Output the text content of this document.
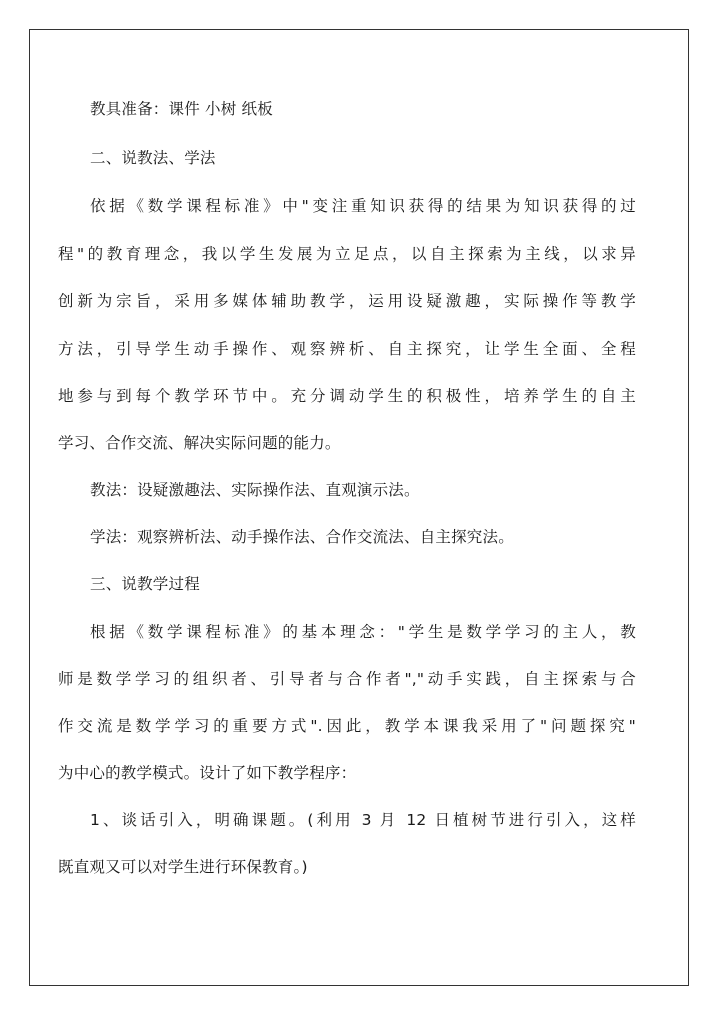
教具准备：课件 小树 纸板
二、说教法、学法
依据《数学课程标准》中"变注重知识获得的结果为知识获得的过
程"的教育理念，我以学生发展为立足点，以自主探索为主线，以求异
创新为宗旨，采用多媒体辅助教学，运用设疑激趣，实际操作等教学
方法，引导学生动手操作、观察辨析、自主探究，让学生全面、全程
地参与到每个教学环节中。充分调动学生的积极性，培养学生的自主
学习、合作交流、解决实际问题的能力。
教法：设疑激趣法、实际操作法、直观演示法。
学法：观察辨析法、动手操作法、合作交流法、自主探究法。
三、说教学过程
根据《数学课程标准》的基本理念："学生是数学学习的主人，教
师是数学学习的组织者、引导者与合作者","动手实践，自主探索与合
作交流是数学学习的重要方式".因此，教学本课我采用了"问题探究"
为中心的教学模式。设计了如下教学程序：
1、谈话引入，明确课题。(利用 3 月 12 日植树节进行引入，这样
既直观又可以对学生进行环保教育。)
